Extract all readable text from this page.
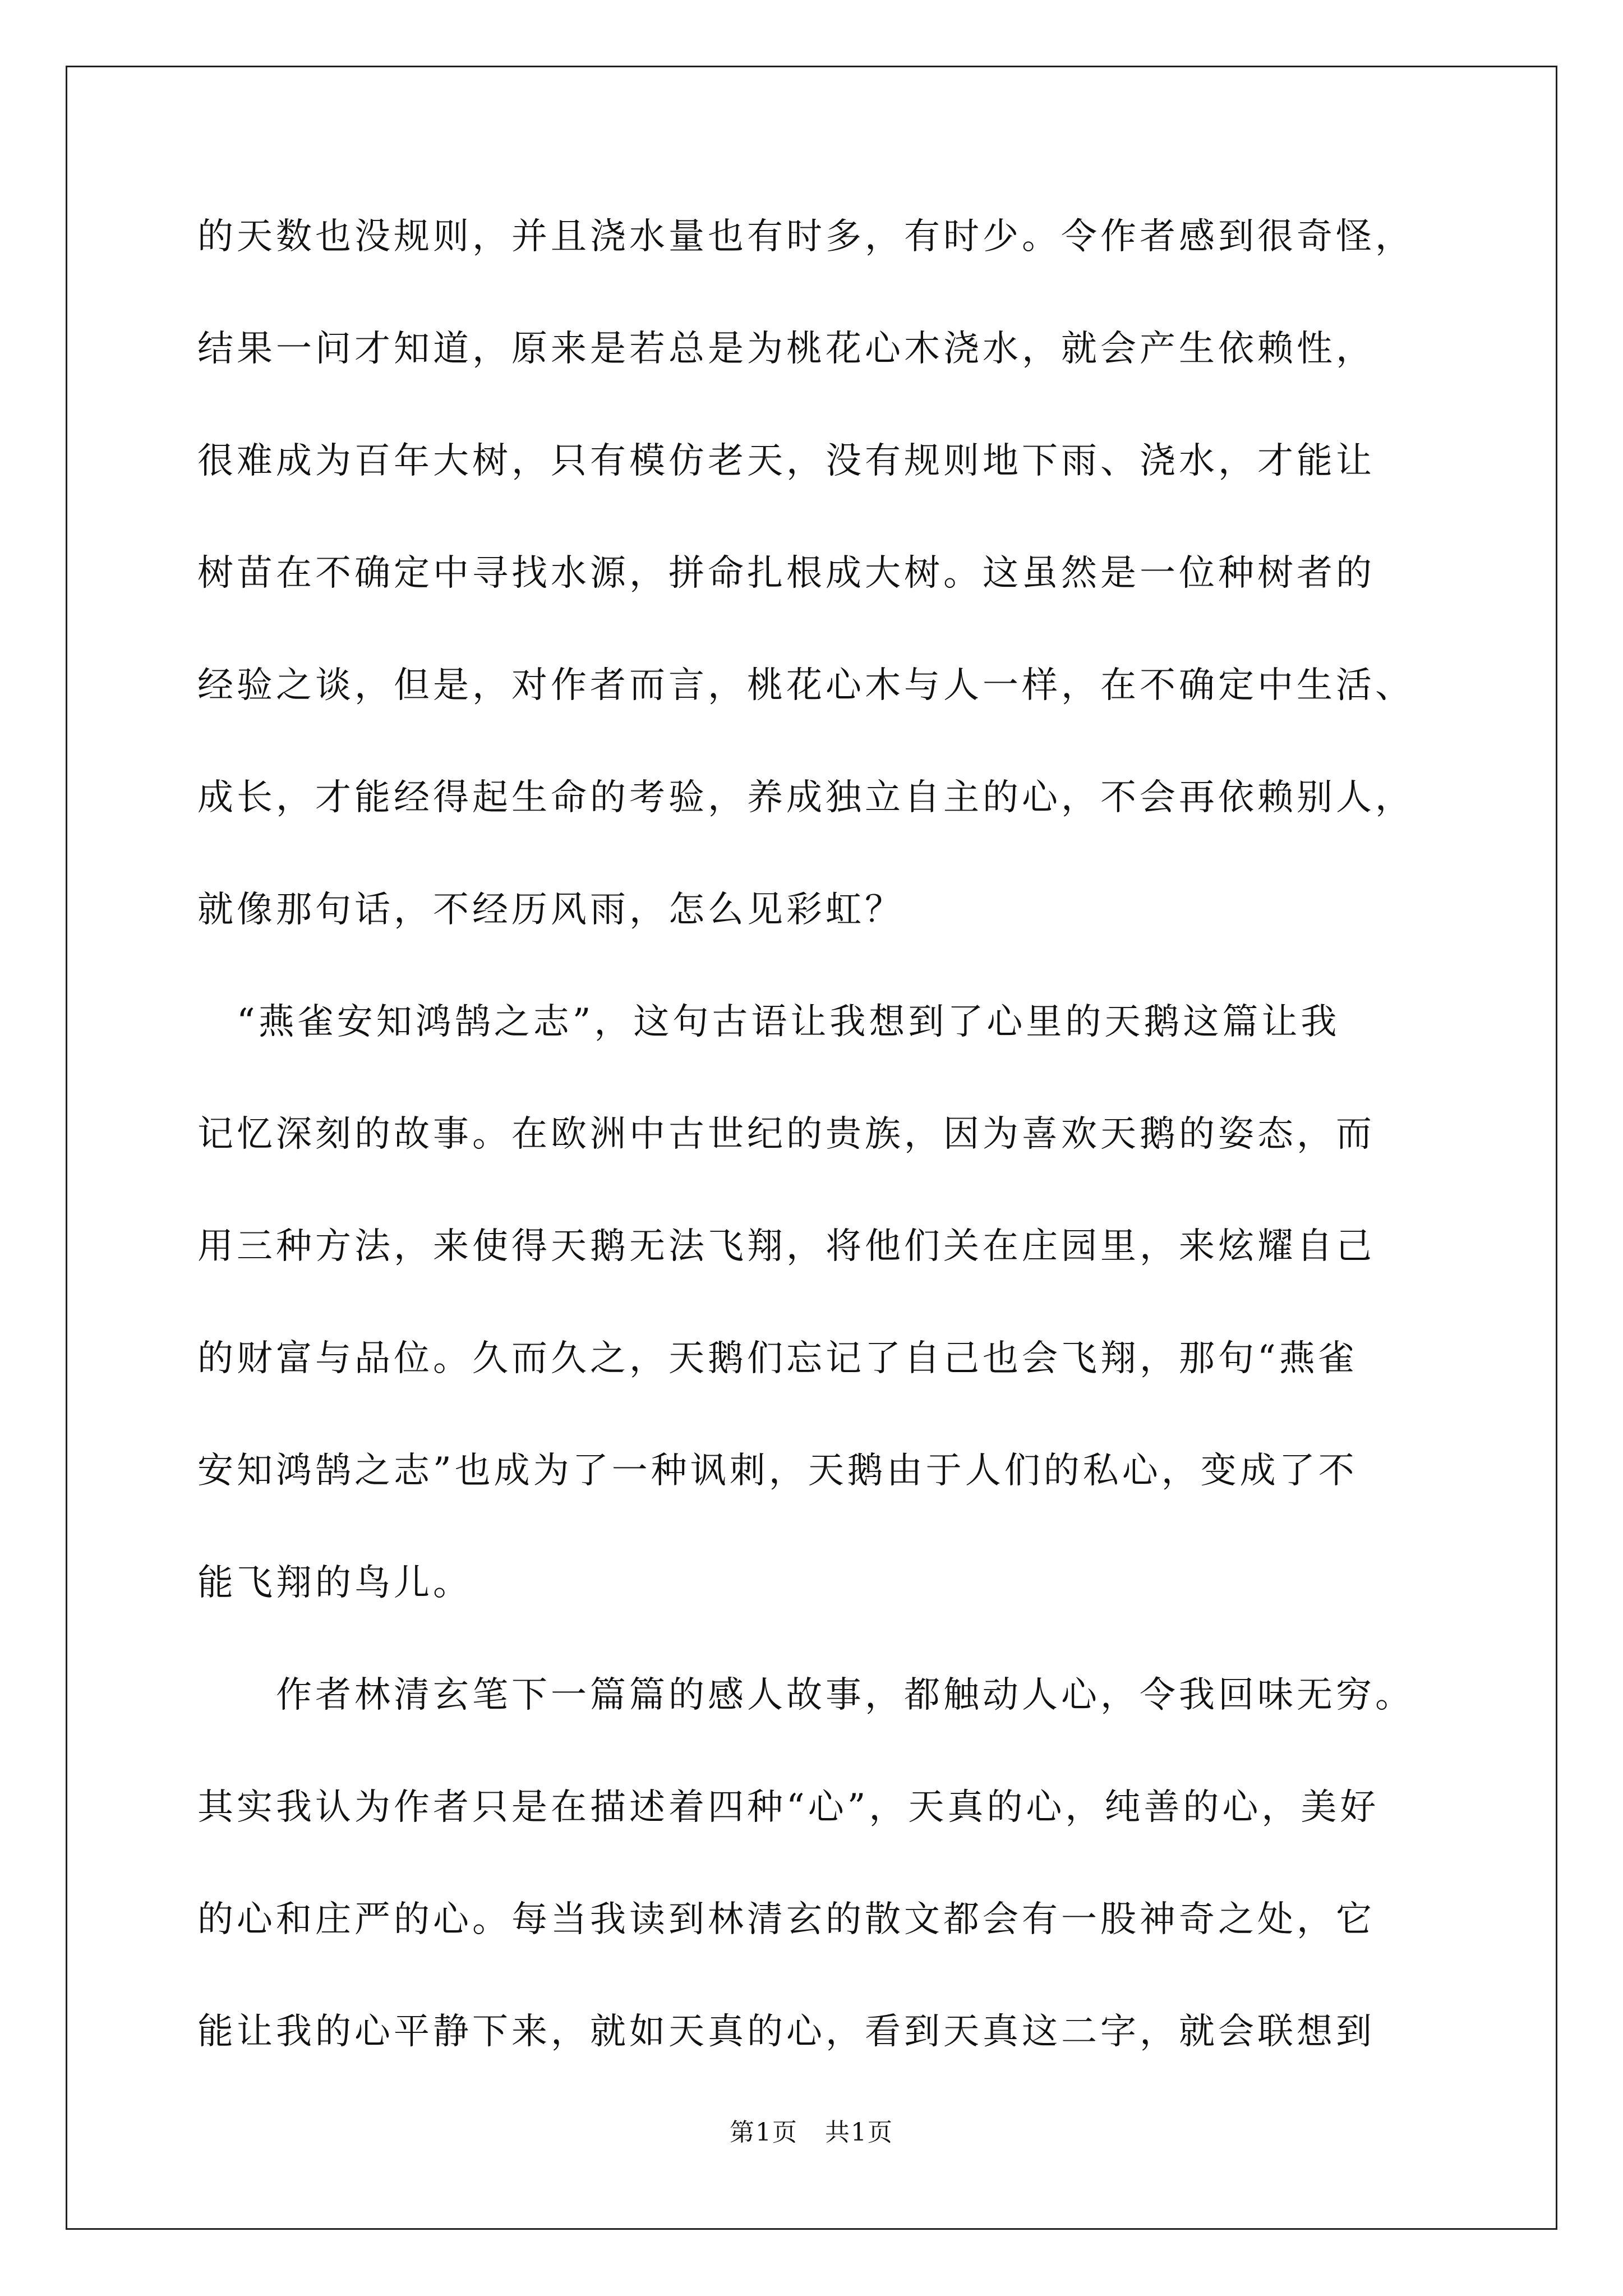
的天数也没规则，并且浇水量也有时多，有时少。令作者感到很奇怪，
结果一问才知道，原来是若总是为桃花心木浇水，就会产生依赖性，
很难成为百年大树，只有模仿老天，没有规则地下雨、浇水，才能让
树苗在不确定中寻找水源，拼命扎根成大树。这虽然是一位种树者的
经验之谈，但是，对作者而言，桃花心木与人一样，在不确定中生活、
成长，才能经得起生命的考验，养成独立自主的心，不会再依赖别人，
就像那句话，不经历风雨，怎么见彩虹？
　“燕雀安知鸿鹄之志”，这句古语让我想到了心里的天鹅这篇让我
记忆深刻的故事。在欧洲中古世纪的贵族，因为喜欢天鹅的姿态，而
用三种方法，来使得天鹅无法飞翔，将他们关在庄园里，来炫耀自己
的财富与品位。久而久之，天鹅们忘记了自己也会飞翔，那句“燕雀
安知鸿鹄之志”也成为了一种讽刺，天鹅由于人们的私心，变成了不
能飞翔的鸟儿。
　　作者林清玄笔下一篇篇的感人故事，都触动人心，令我回味无穷。
其实我认为作者只是在描述着四种“心”，天真的心，纯善的心，美好
的心和庄严的心。每当我读到林清玄的散文都会有一股神奇之处，它
能让我的心平静下来，就如天真的心，看到天真这二字，就会联想到
第1页 共1页
